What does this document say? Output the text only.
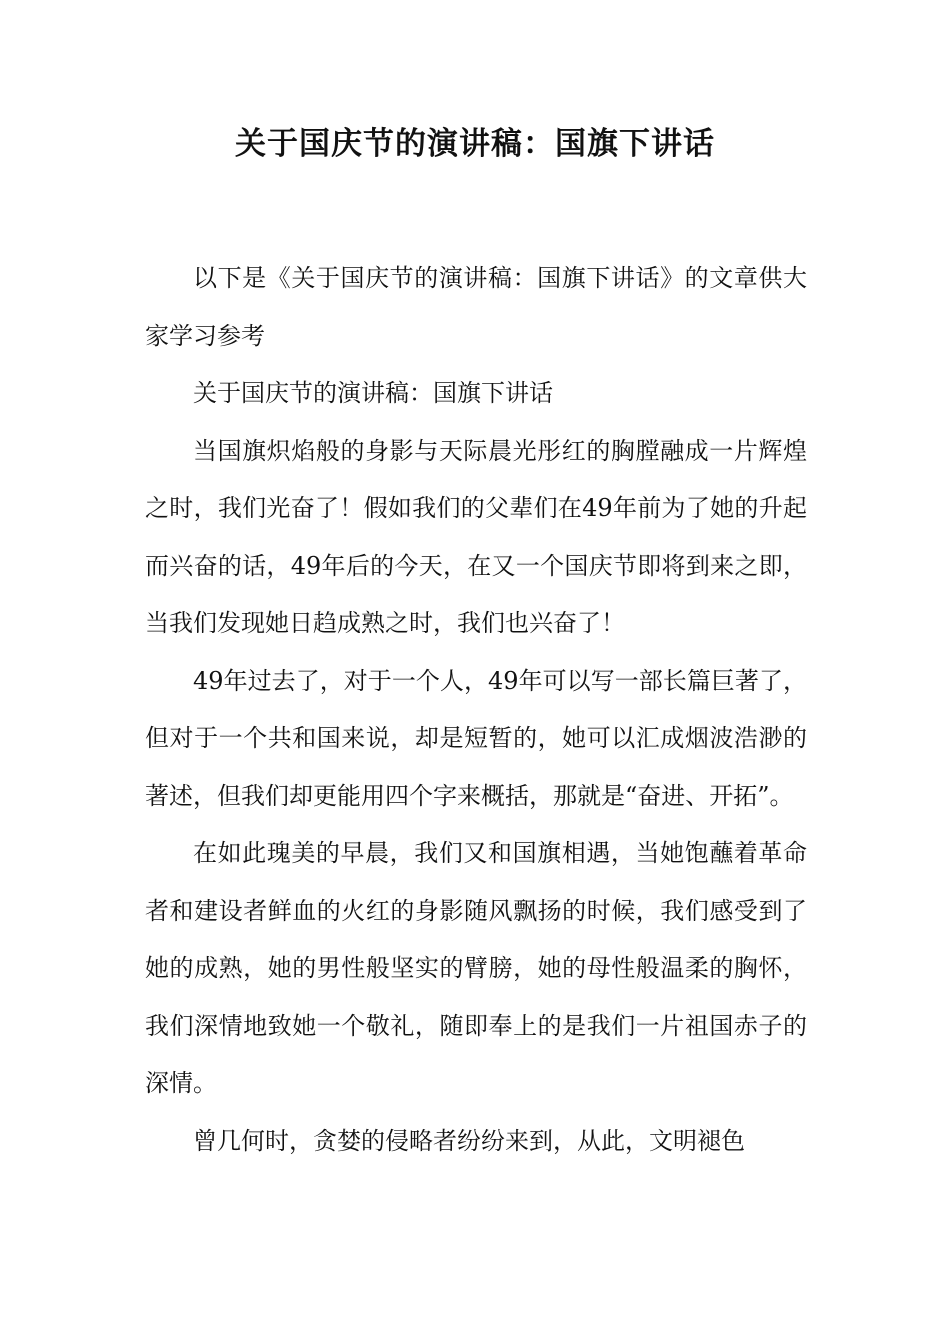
关于国庆节的演讲稿：国旗下讲话

以下是《关于国庆节的演讲稿：国旗下讲话》的文章供大家学习参考

关于国庆节的演讲稿：国旗下讲话

当国旗炽焰般的身影与天际晨光彤红的胸膛融成一片辉煌之时，我们光奋了！假如我们的父辈们在49年前为了她的升起而兴奋的话，49年后的今天，在又一个国庆节即将到来之即，当我们发现她日趋成熟之时，我们也兴奋了！

49年过去了，对于一个人，49年可以写一部长篇巨著了，但对于一个共和国来说，却是短暂的，她可以汇成烟波浩渺的著述，但我们却更能用四个字来概括，那就是“奋进、开拓”。

在如此瑰美的早晨，我们又和国旗相遇，当她饱蘸着革命者和建设者鲜血的火红的身影随风飘扬的时候，我们感受到了她的成熟，她的男性般坚实的臂膀，她的母性般温柔的胸怀，我们深情地致她一个敬礼，随即奉上的是我们一片祖国赤子的深情。

曾几何时，贪婪的侵略者纷纷来到，从此，文明褪色
